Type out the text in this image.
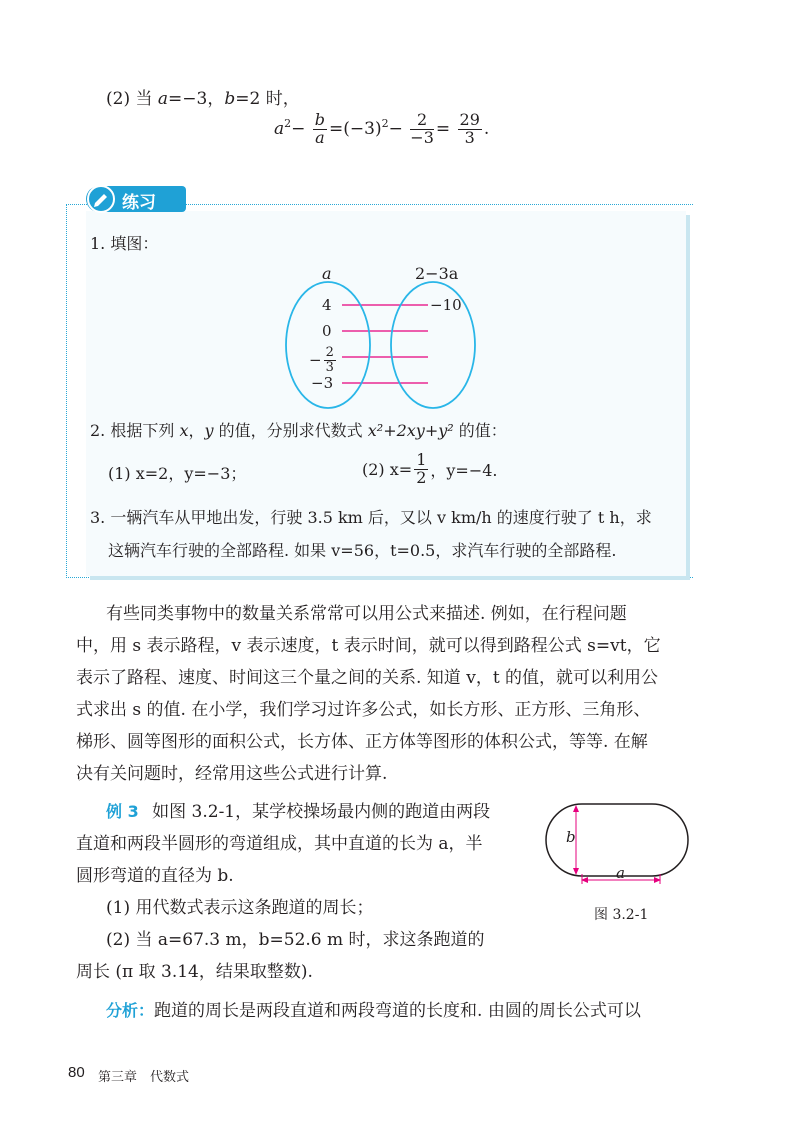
(2) 当 a=−3，b=2 时，
$a^2- \frac{b}{a} =(-3)^2- \frac{2}{-3} = \frac{29}{3}$ .
练习
1. 填图：
a	2−3a
4
0
− $\frac{2}{3}$
−3
−10
2. 根据下列 x，y 的值，分别求代数式 x²+2xy+y² 的值：
(1) x=2，y=−3；	(2) $x= \frac{1}{2}$ ，y=−4.
3. 一辆汽车从甲地出发，行驶 3.5 km 后，又以 v km/h 的速度行驶了 t h，求
这辆汽车行驶的全部路程. 如果 v=56，t=0.5，求汽车行驶的全部路程.
有些同类事物中的数量关系常常可以用公式来描述. 例如，在行程问题
中，用 s 表示路程，v 表示速度，t 表示时间，就可以得到路程公式 s=vt，它
表示了路程、速度、时间这三个量之间的关系. 知道 v，t 的值，就可以利用公
式求出 s 的值. 在小学，我们学习过许多公式，如长方形、正方形、三角形、
梯形、圆等图形的面积公式，长方体、正方体等图形的体积公式，等等. 在解
决有关问题时，经常用这些公式进行计算.
例 3 如图 3.2-1，某学校操场最内侧的跑道由两段
直道和两段半圆形的弯道组成，其中直道的长为 a，半
圆形弯道的直径为 b.
(1) 用代数式表示这条跑道的周长；
(2) 当 a=67.3 m，b=52.6 m 时，求这条跑道的
周长 (π 取 3.14，结果取整数).
b
a
图 3.2-1
分析：跑道的周长是两段直道和两段弯道的长度和. 由圆的周长公式可以
80 第三章　代数式
